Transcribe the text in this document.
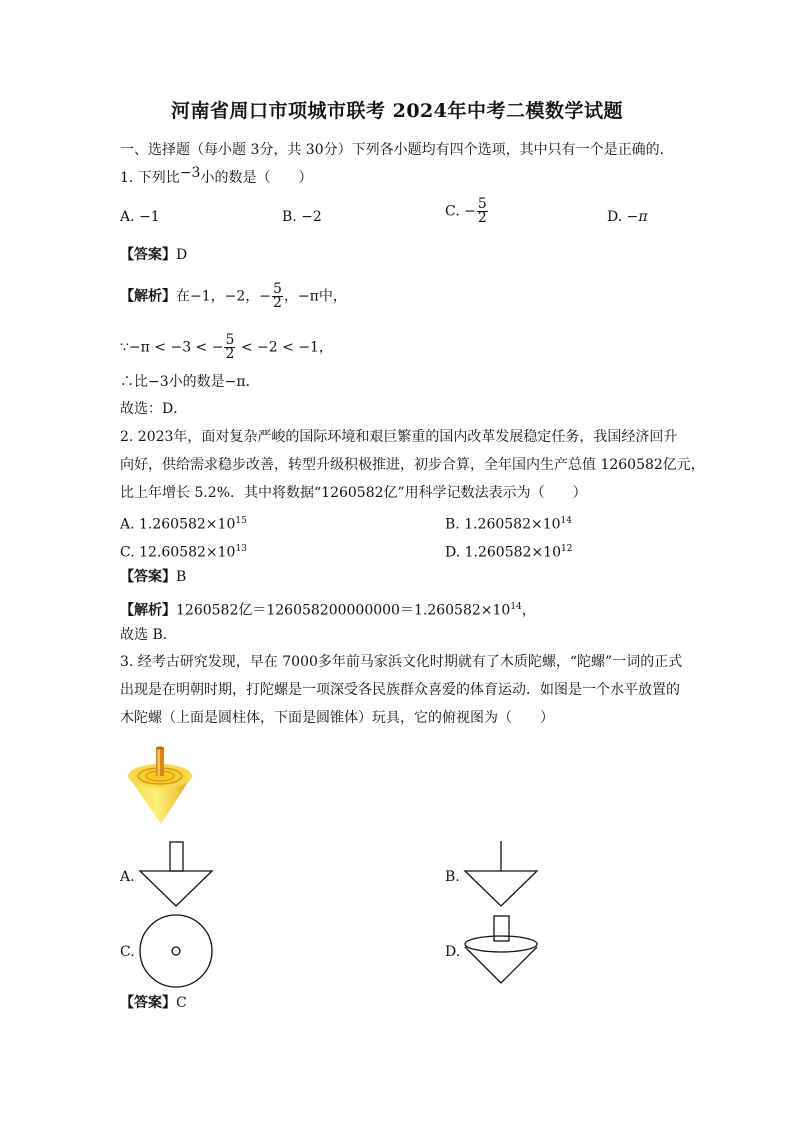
河南省周口市项城市联考 2024年中考二模数学试题
一、选择题（每小题 3分，共 30分）下列各小题均有四个选项，其中只有一个是正确的．
1. 下列比−3小的数是（　　）
A. −1	B. −2	C. − $\frac{5}{2}$	D. −π
【答案】D
【解析】在−1，−2，− $\frac{5}{2}$ ，−π中，
∵−π < −3 < − $\frac{5}{2} < -2 < -1$，
∴比−3小的数是−π．
故选：D．
2. 2023年，面对复杂严峻的国际环境和艰巨繁重的国内改革发展稳定任务，我国经济回升
向好，供给需求稳步改善，转型升级积极推进，初步合算，全年国内生产总值 1260582亿元，
比上年增长 5.2%．其中将数据“1260582亿”用科学记数法表示为（　　）
A. $1.260582\times 10^{15}$	B. $1.260582\times 10^{14}$
C. $12.60582\times 10^{13}$	D. $1.260582\times 10^{12}$
【答案】B
【解析】1260582亿$=126058200000000=1.260582\times 10^{14}$，
故选 B．
3. 经考古研究发现，早在 7000多年前马家浜文化时期就有了木质陀螺，“陀螺”一词的正式
出现是在明朝时期，打陀螺是一项深受各民族群众喜爱的体育运动．如图是一个水平放置的
木陀螺（上面是圆柱体，下面是圆锥体）玩具，它的俯视图为（　　）
A.	B.
C.	D.
【答案】C
